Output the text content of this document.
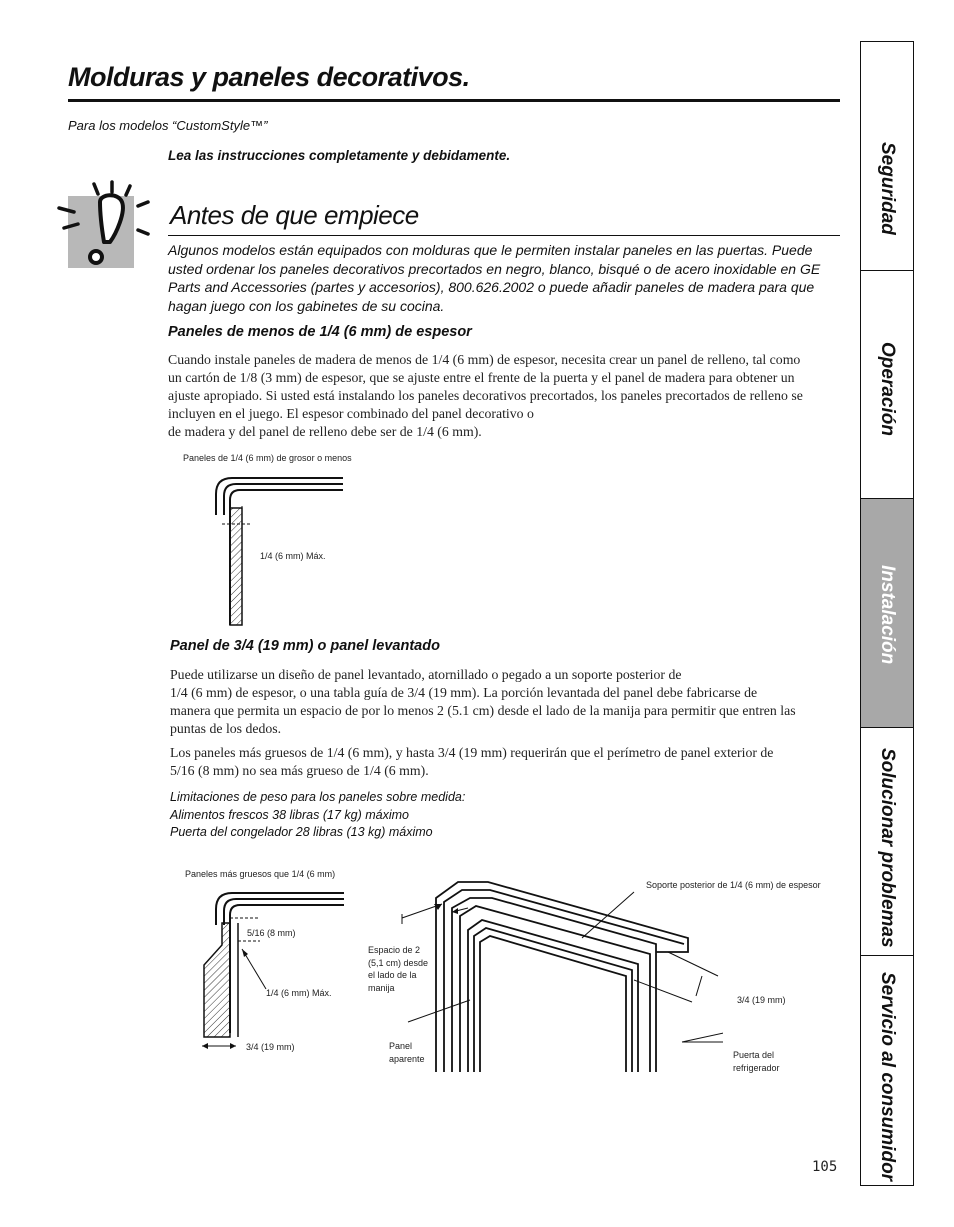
Molduras y paneles decorativos.
Para los modelos “CustomStyle™”
Lea las instrucciones completamente y debidamente.
Antes de que empiece
Algunos modelos están equipados con molduras que le permiten instalar paneles en las puertas. Puede usted ordenar los paneles decorativos precortados en negro, blanco, bisqué o de acero inoxidable en GE Parts and Accessories (partes y accesorios), 800.626.2002 o puede añadir paneles de madera para que hagan juego con los gabinetes de su cocina.
Paneles de menos de 1/4 (6 mm) de espesor
Cuando instale paneles de madera de menos de 1/4 (6 mm) de espesor, necesita crear un panel de relleno, tal como
un cartón de 1/8 (3 mm) de espesor, que se ajuste entre el frente de la puerta y el panel de madera para obtener un
ajuste apropiado. Si usted está instalando los paneles decorativos precortados, los paneles precortados de relleno se
incluyen en el juego. El espesor combinado del panel decorativo o
de madera y del panel de relleno debe ser de 1/4 (6 mm).
Paneles de 1/4 (6 mm) de grosor o menos
1/4 (6 mm) Máx.
Panel de 3/4 (19 mm) o panel levantado
Puede utilizarse un diseño de panel levantado, atornillado o pegado a un soporte posterior de
1/4 (6 mm) de espesor, o una tabla guía de 3/4 (19 mm). La porción levantada del panel debe fabricarse de
manera que permita un espacio de por lo menos 2 (5.1 cm) desde el lado de la manija para permitir que entren las
puntas de los dedos.
Los paneles más gruesos de 1/4 (6 mm), y hasta 3/4 (19 mm) requerirán que el perímetro de panel exterior de
5/16 (8 mm) no sea más grueso de 1/4 (6 mm).
Limitaciones de peso para los paneles sobre medida:
Alimentos frescos 38 libras (17 kg) máximo
Puerta del congelador 28 libras (13 kg) máximo
Paneles más gruesos que 1/4 (6 mm)
5/16 (8 mm)
1/4 (6 mm) Máx.
3/4 (19 mm)
Soporte posterior de 1/4 (6 mm) de espesor
Espacio de 2
(5,1 cm) desde
el lado de la
manija
Panel
aparente
3/4 (19 mm)
Puerta del
refrigerador
Seguridad
Operación
Instalación
Solucionar problemas
Servicio al consumidor
105
